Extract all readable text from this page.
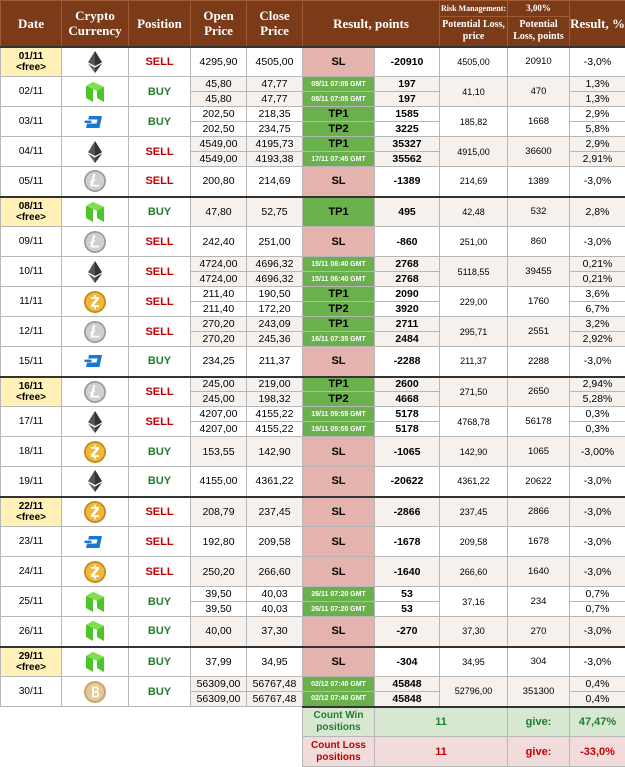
Date	Crypto Currency	Position	Open Price	Close Price	Result, points		Risk Management:	3,00%	Result, %
							Potential Loss, price	Potential Loss, points	

01/11
<free>		SELL	4295,90	4505,00	SL	-20910	4505,00	20910	-3,0%

02/11		BUY	45,80	47,77	08/11 07:05 GMT	197	41,10	470	1,3%
			45,80	47,77	08/11 07:05 GMT	197			1,3%

03/11		BUY	202,50	218,35	TP1	1585	185,82	1668	2,9%
			202,50	234,75	TP2	3225			5,8%

04/11		SELL	4549,00	4195,73	TP1	35327	4915,00	36600	2,9%
			4549,00	4193,38	17/11 07:45 GMT	35562			2,91%

05/11		SELL	200,80	214,69	SL	-1389	214,69	1389	-3,0%

08/11
<free>		BUY	47,80	52,75	TP1	495	42,48	532	2,8%

09/11		SELL	242,40	251,00	SL	-860	251,00	860	-3,0%

10/11		SELL	4724,00	4696,32	15/11 06:40 GMT	2768	5118,55	39455	0,21%
			4724,00	4696,32	15/11 06:40 GMT	2768			0,21%

11/11		SELL	211,40	190,50	TP1	2090	229,00	1760	3,6%
			211,40	172,20	TP2	3920			6,7%

12/11		SELL	270,20	243,09	TP1	2711	295,71	2551	3,2%
			270,20	245,36	16/11 07:35 GMT	2484			2,92%

15/11		BUY	234,25	211,37	SL	-2288	211,37	2288	-3,0%

16/11
<free>		SELL	245,00	219,00	TP1	2600	271,50	2650	2,94%
			245,00	198,32	TP2	4668			5,28%

17/11		SELL	4207,00	4155,22	19/11 09:55 GMT	5178	4768,78	56178	0,3%
			4207,00	4155,22	19/11 09:55 GMT	5178			0,3%

18/11		BUY	153,55	142,90	SL	-1065	142,90	1065	-3,00%

19/11		BUY	4155,00	4361,22	SL	-20622	4361,22	20622	-3,0%

22/11
<free>		SELL	208,79	237,45	SL	-2866	237,45	2866	-3,0%

23/11		SELL	192,80	209,58	SL	-1678	209,58	1678	-3,0%

24/11		SELL	250,20	266,60	SL	-1640	266,60	1640	-3,0%

25/11		BUY	39,50	40,03	26/11 07:20 GMT	53	37,16	234	0,7%
			39,50	40,03	26/11 07:20 GMT	53			0,7%

26/11		BUY	40,00	37,30	SL	-270	37,30	270	-3,0%

29/11
<free>		BUY	37,99	34,95	SL	-304	34,95	304	-3,0%

30/11		BUY	56309,00	56767,48	02/12 07:40 GMT	45848	52796,00	351300	0,4%
			56309,00	56767,48	02/12 07:40 GMT	45848			0,4%
					Count Win positions	11		give:	47,47%
					Count Loss positions	11		give:	-33,0%
